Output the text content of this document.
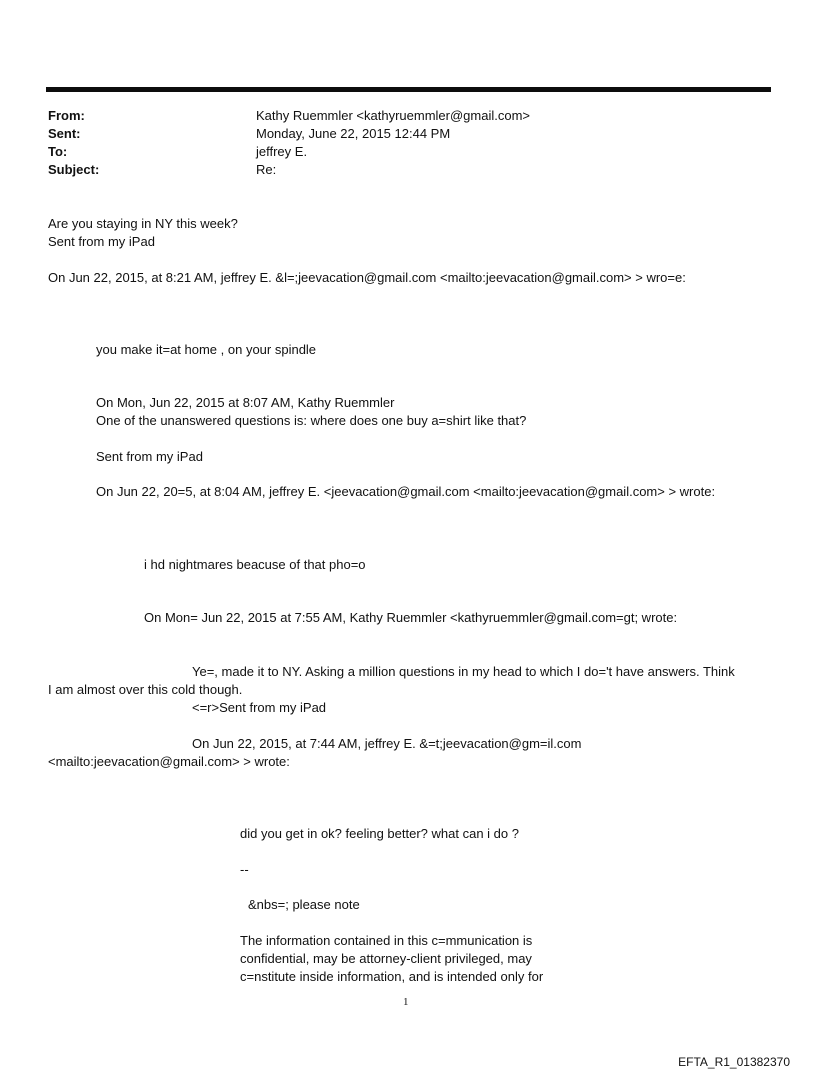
From:	Kathy Ruemmler <kathyruemmler@gmail.com>
Sent:	Monday, June 22, 2015 12:44 PM
To:	jeffrey E.
Subject:	Re:
Are you staying in NY this week?
Sent from my iPad
On Jun 22, 2015, at 8:21 AM, jeffrey E. &l=;jeevacation@gmail.com <mailto:jeevacation@gmail.com> > wro=e:
you make it=at home , on your spindle
On Mon, Jun 22, 2015 at 8:07 AM, Kathy Ruemmler
One of the unanswered questions is: where does one buy a=shirt like that?
Sent from my iPad
On Jun 22, 20=5, at 8:04 AM, jeffrey E. <jeevacation@gmail.com <mailto:jeevacation@gmail.com> > wrote:
i hd nightmares beacuse of that pho=o
On Mon= Jun 22, 2015 at 7:55 AM, Kathy Ruemmler <kathyruemmler@gmail.com=gt; wrote:
Ye=, made it to NY. Asking a million questions in my head to which I do='t have answers. Think
I am almost over this cold though.
<=r>Sent from my iPad
On Jun 22, 2015, at 7:44 AM, jeffrey E. &=t;jeevacation@gm=il.com
<mailto:jeevacation@gmail.com> > wrote:
did you get in ok? feeling better? what can i do ?
--
&nbs=; please note
The information contained in this c=mmunication is
confidential, may be attorney-client privileged, may
c=nstitute inside information, and is intended only for
1
EFTA_R1_01382370
